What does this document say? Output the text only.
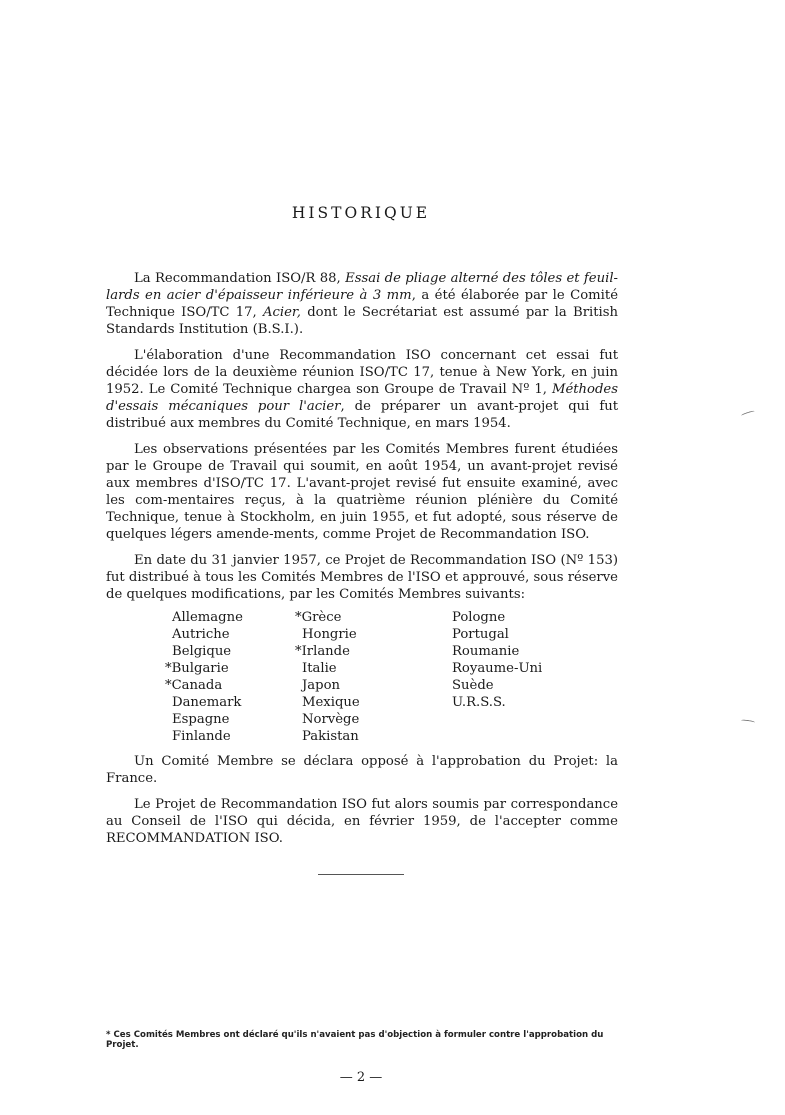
HISTORIQUE

La Recommandation ISO/R 88, Essai de pliage alterné des tôles et feuil-lards en acier d'épaisseur inférieure à 3 mm, a été élaborée par le Comité Technique ISO/TC 17, Acier, dont le Secrétariat est assumé par la British Standards Institution (B.S.I.).

L'élaboration d'une Recommandation ISO concernant cet essai fut décidée lors de la deuxième réunion ISO/TC 17, tenue à New York, en juin 1952. Le Comité Technique chargea son Groupe de Travail Nº 1, Méthodes d'essais mécaniques pour l'acier, de préparer un avant-projet qui fut distribué aux membres du Comité Technique, en mars 1954.

Les observations présentées par les Comités Membres furent étudiées par le Groupe de Travail qui soumit, en août 1954, un avant-projet revisé aux membres d'ISO/TC 17. L'avant-projet revisé fut ensuite examiné, avec les com-mentaires reçus, à la quatrième réunion plénière du Comité Technique, tenue à Stockholm, en juin 1955, et fut adopté, sous réserve de quelques légers amende-ments, comme Projet de Recommandation ISO.

En date du 31 janvier 1957, ce Projet de Recommandation ISO (Nº 153) fut distribué à tous les Comités Membres de l'ISO et approuvé, sous réserve de quelques modifications, par les Comités Membres suivants:

Allemagne
Autriche
Belgique
*Bulgarie
*Canada
Danemark
Espagne
Finlande
*Grèce
Hongrie
*Irlande
Italie
Japon
Mexique
Norvège
Pakistan
Pologne
Portugal
Roumanie
Royaume-Uni
Suède
U.R.S.S.

Un Comité Membre se déclara opposé à l'approbation du Projet: la France.

Le Projet de Recommandation ISO fut alors soumis par correspondance au Conseil de l'ISO qui décida, en février 1959, de l'accepter comme RECOMMANDATION ISO.

* Ces Comités Membres ont déclaré qu'ils n'avaient pas d'objection à formuler contre l'approbation du Projet.
— 2 —
